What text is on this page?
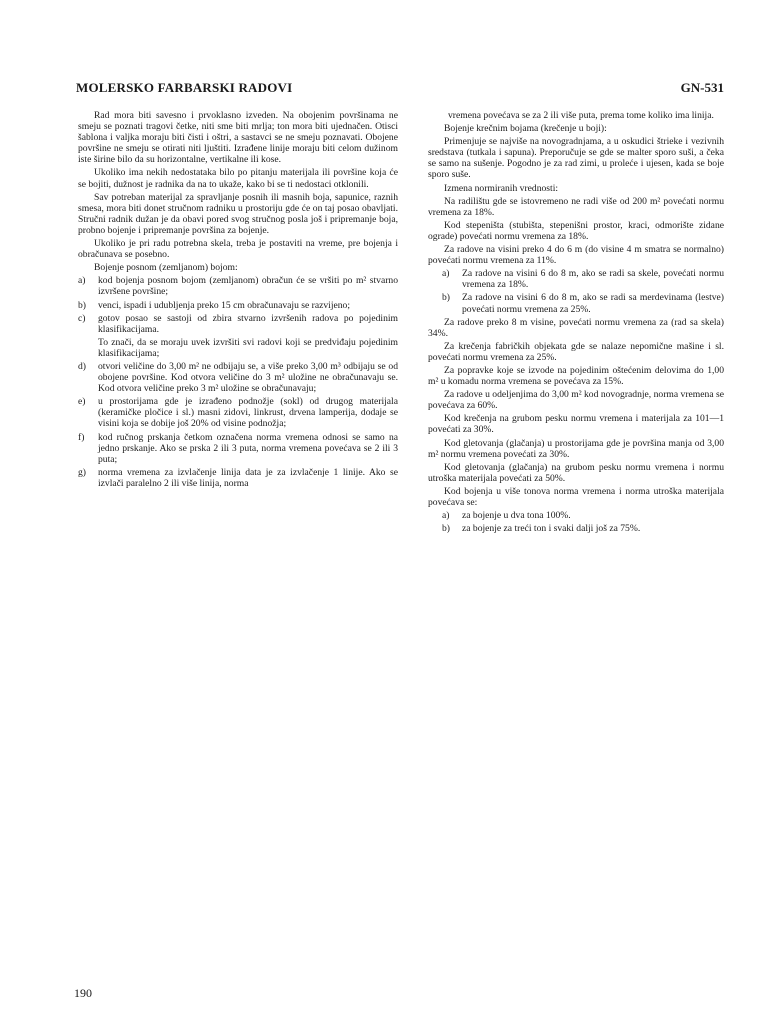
MOLERSKO FARBARSKI RADOVI	GN-531

Rad mora biti savesno i prvoklasno izveden. Na obojenim površinama ne smeju se poznati tragovi četke, niti sme biti mrlja; ton mora biti ujednačen. Otisci šablona i valjka moraju biti čisti i oštri, a sastavci se ne smeju poznavati. Obojene površine ne smeju se otirati niti ljuštiti. Izrađene linije moraju biti celom dužinom iste širine bilo da su horizontalne, vertikalne ili kose.

Ukoliko ima nekih nedostataka bilo po pitanju materijala ili površine koja će se bojiti, dužnost je radnika da na to ukaže, kako bi se ti nedostaci otklonili.

Sav potreban materijal za spravljanje posnih ili masnih boja, sapunice, raznih smesa, mora biti donet stručnom radniku u prostoriju gde će on taj posao obavljati. Stručni radnik dužan je da obavi pored svog stručnog posla još i pripremanje boja, probno bojenje i pripremanje površina za bojenje.

Ukoliko je pri radu potrebna skela, treba je postaviti na vreme, pre bojenja i obračunava se posebno.

Bojenje posnom (zemljanom) bojom:

a)	kod bojenja posnom bojom (zemljanom) obračun će se vršiti po m² stvarno izvršene površine;
b)	venci, ispadi i udubljenja preko 15 cm obračunavaju se razvijeno;
c)	gotov posao se sastoji od zbira stvarno izvršenih radova po pojedinim klasifikacijama.

To znači, da se moraju uvek izvršiti svi radovi koji se predviđaju pojedinim klasifikacijama;

d)	otvori veličine do 3,00 m² ne odbijaju se, a više preko 3,00 m³ odbijaju se od obojene površine. Kod otvora veličine do 3 m² uložine ne obračunavaju se. Kod otvora veličine preko 3 m² uložine se obračunavaju;
e)	u prostorijama gde je izrađeno podnožje (sokl) od drugog materijala (keramičke pločice i sl.) masni zidovi, linkrust, drvena lamperija, dodaje se visini koja se dobije još 20% od visine podnožja;
f)	kod ručnog prskanja četkom označena norma vremena odnosi se samo na jedno prskanje. Ako se prska 2 ili 3 puta, norma vremena povećava se 2 ili 3 puta;
g)	norma vremena za izvlačenje linija data je za izvlačenje 1 linije. Ako se izvlači paralelno 2 ili više linija, norma

vremena povećava se za 2 ili više puta, prema tome koliko ima linija.

Bojenje krečnim bojama (krečenje u boji):

Primenjuje se najviše na novogradnjama, a u oskudici štrieke i vezivnih sredstava (tutkala i sapuna). Preporučuje se gde se malter sporo suši, a čeka se samo na sušenje. Pogodno je za rad zimi, u proleće i ujesen, kada se boje sporo suše.

Izmena normiranih vrednosti:

Na radilištu gde se istovremeno ne radi više od 200 m² povećati normu vremena za 18%.

Kod stepeništa (stubišta, stepenišni prostor, kraci, odmorište zidane ograde) povećati normu vremena za 18%.

Za radove na visini preko 4 do 6 m (do visine 4 m smatra se normalno) povećati normu vremena za 11%.

a)	Za radove na visini 6 do 8 m, ako se radi sa skele, povećati normu vremena za 18%.
b)	Za radove na visini 6 do 8 m, ako se radi sa merdevinama (lestve) povećati normu vremena za 25%.

Za radove preko 8 m visine, povećati normu vremena za (rad sa skela) 34%.

Za krečenja fabričkih objekata gde se nalaze nepomične mašine i sl. povećati normu vremena za 25%.

Za popravke koje se izvode na pojedinim oštećenim delovima do 1,00 m² u komadu norma vremena se povećava za 15%.

Za radove u odeljenjima do 3,00 m² kod novogradnje, norma vremena se povećava za 60%.

Kod krečenja na grubom pesku normu vremena i materijala za 101—1 povećati za 30%.

Kod gletovanja (glačanja) u prostorijama gde je površina manja od 3,00 m² normu vremena povećati za 30%.

Kod gletovanja (glačanja) na grubom pesku normu vremena i normu utroška materijala povećati za 50%.

Kod bojenja u više tonova norma vremena i norma utroška materijala povećava se:

a)	za bojenje u dva tona 100%.
b)	za bojenje za treći ton i svaki dalji još za 75%.
190
